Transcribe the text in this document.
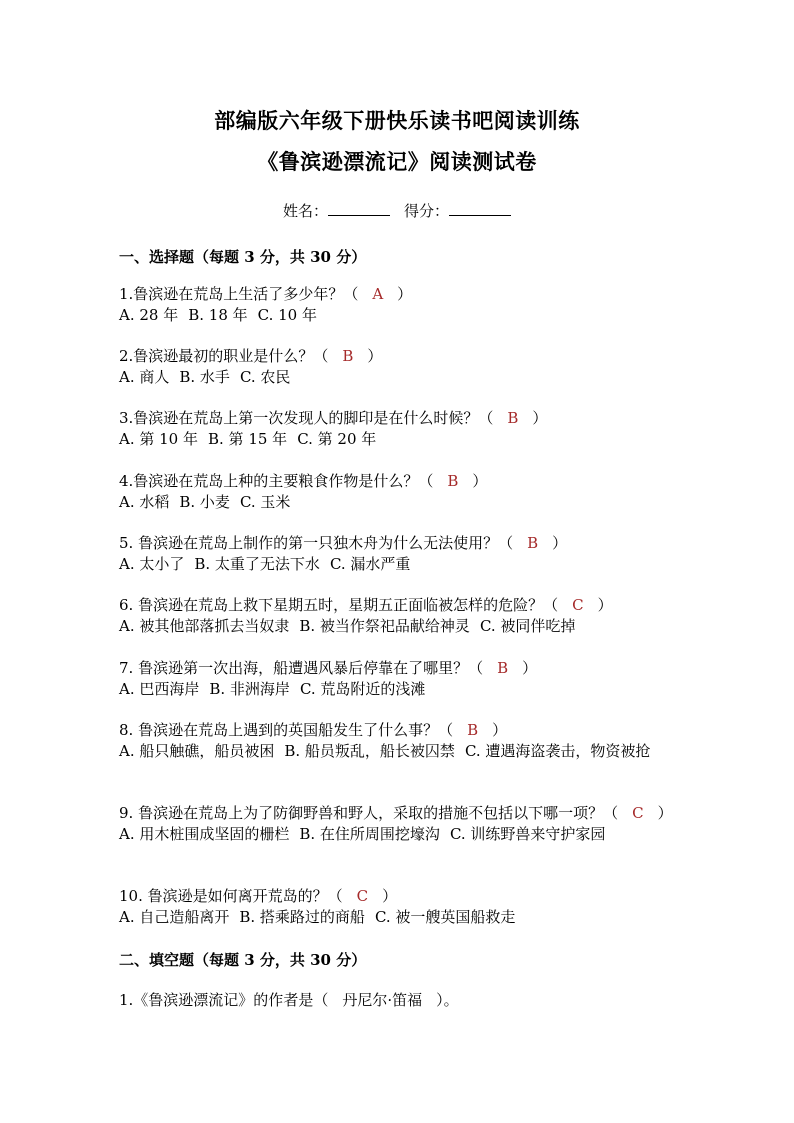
部编版六年级下册快乐读书吧阅读训练
《鲁滨逊漂流记》阅读测试卷
姓名：	得分：
一、选择题（每题 3 分，共 30 分）
1.鲁滨逊在荒岛上生活了多少年？（ A ）
A. 28 年 B. 18 年 C. 10 年
2.鲁滨逊最初的职业是什么？（ B ）
A. 商人 B. 水手 C. 农民
3.鲁滨逊在荒岛上第一次发现人的脚印是在什么时候？（ B ）
A. 第 10 年 B. 第 15 年 C. 第 20 年
4.鲁滨逊在荒岛上种的主要粮食作物是什么？（ B ）
A. 水稻 B. 小麦 C. 玉米
5. 鲁滨逊在荒岛上制作的第一只独木舟为什么无法使用？（ B ）
A. 太小了 B. 太重了无法下水 C. 漏水严重
6. 鲁滨逊在荒岛上救下星期五时，星期五正面临被怎样的危险？（ C ）
A. 被其他部落抓去当奴隶 B. 被当作祭祀品献给神灵 C. 被同伴吃掉
7. 鲁滨逊第一次出海，船遭遇风暴后停靠在了哪里？（ B ）
A. 巴西海岸 B. 非洲海岸 C. 荒岛附近的浅滩
8. 鲁滨逊在荒岛上遇到的英国船发生了什么事？（ B ）
A. 船只触礁，船员被困 B. 船员叛乱，船长被囚禁 C. 遭遇海盗袭击，物资被抢
9. 鲁滨逊在荒岛上为了防御野兽和野人，采取的措施不包括以下哪一项？（ C ）
A. 用木桩围成坚固的栅栏 B. 在住所周围挖壕沟 C. 训练野兽来守护家园
10. 鲁滨逊是如何离开荒岛的？（ C ）
A. 自己造船离开 B. 搭乘路过的商船 C. 被一艘英国船救走
二、填空题（每题 3 分，共 30 分）
1.《鲁滨逊漂流记》的作者是（ 丹尼尔·笛福 ）。
